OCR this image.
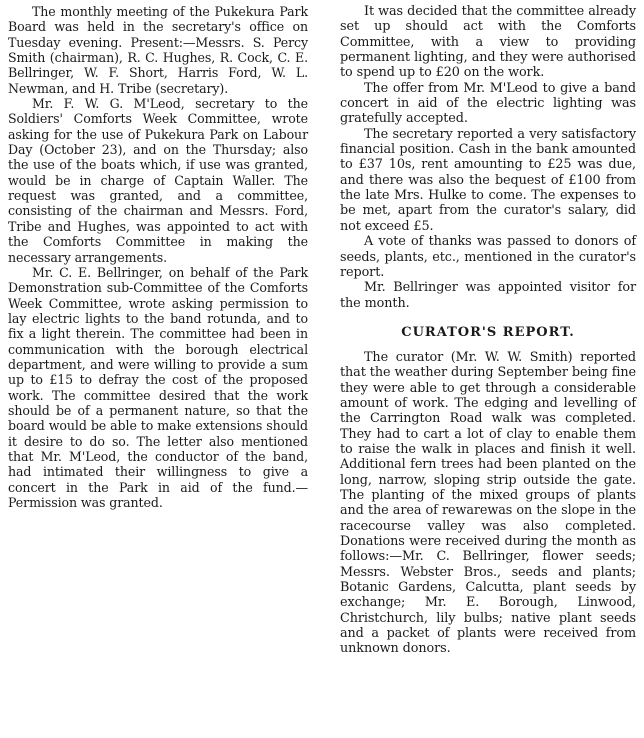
The monthly meeting of the Pukekura Park Board was held in the secretary's office on Tuesday evening. Present:—Messrs. S. Percy Smith (chairman), R. C. Hughes, R. Cock, C. E. Bellringer, W. F. Short, Harris Ford, W. L. Newman, and H. Tribe (secretary).

Mr. F. W. G. M'Leod, secretary to the Soldiers' Comforts Week Committee, wrote asking for the use of Pukekura Park on Labour Day (October 23), and on the Thursday; also the use of the boats which, if use was granted, would be in charge of Captain Waller. The request was granted, and a committee, consisting of the chairman and Messrs. Ford, Tribe and Hughes, was appointed to act with the Comforts Committee in making the necessary arrangements.

Mr. C. E. Bellringer, on behalf of the Park Demonstration sub-Committee of the Comforts Week Committee, wrote asking permission to lay electric lights to the band rotunda, and to fix a light therein. The committee had been in communication with the borough electrical department, and were willing to provide a sum up to £15 to defray the cost of the proposed work. The committee desired that the work should be of a permanent nature, so that the board would be able to make extensions should it desire to do so. The letter also mentioned that Mr. M'Leod, the conductor of the band, had intimated their willingness to give a concert in the Park in aid of the fund.—Permission was granted.

It was decided that the committee already set up should act with the Comforts Committee, with a view to providing permanent lighting, and they were authorised to spend up to £20 on the work.

The offer from Mr. M'Leod to give a band concert in aid of the electric lighting was gratefully accepted.

The secretary reported a very satisfactory financial position. Cash in the bank amounted to £37 10s, rent amounting to £25 was due, and there was also the bequest of £100 from the late Mrs. Hulke to come. The expenses to be met, apart from the curator's salary, did not exceed £5.

A vote of thanks was passed to donors of seeds, plants, etc., mentioned in the curator's report.

Mr. Bellringer was appointed visitor for the month.

CURATOR'S REPORT.

The curator (Mr. W. W. Smith) reported that the weather during September being fine they were able to get through a considerable amount of work. The edging and levelling of the Carrington Road walk was completed. They had to cart a lot of clay to enable them to raise the walk in places and finish it well. Additional fern trees had been planted on the long, narrow, sloping strip outside the gate. The planting of the mixed groups of plants and the area of rewarewas on the slope in the racecourse valley was also completed. Donations were received during the month as follows:—Mr. C. Bellringer, flower seeds; Messrs. Webster Bros., seeds and plants; Botanic Gardens, Calcutta, plant seeds by exchange; Mr. E. Borough, Linwood, Christchurch, lily bulbs; native plant seeds and a packet of plants were received from unknown donors.
